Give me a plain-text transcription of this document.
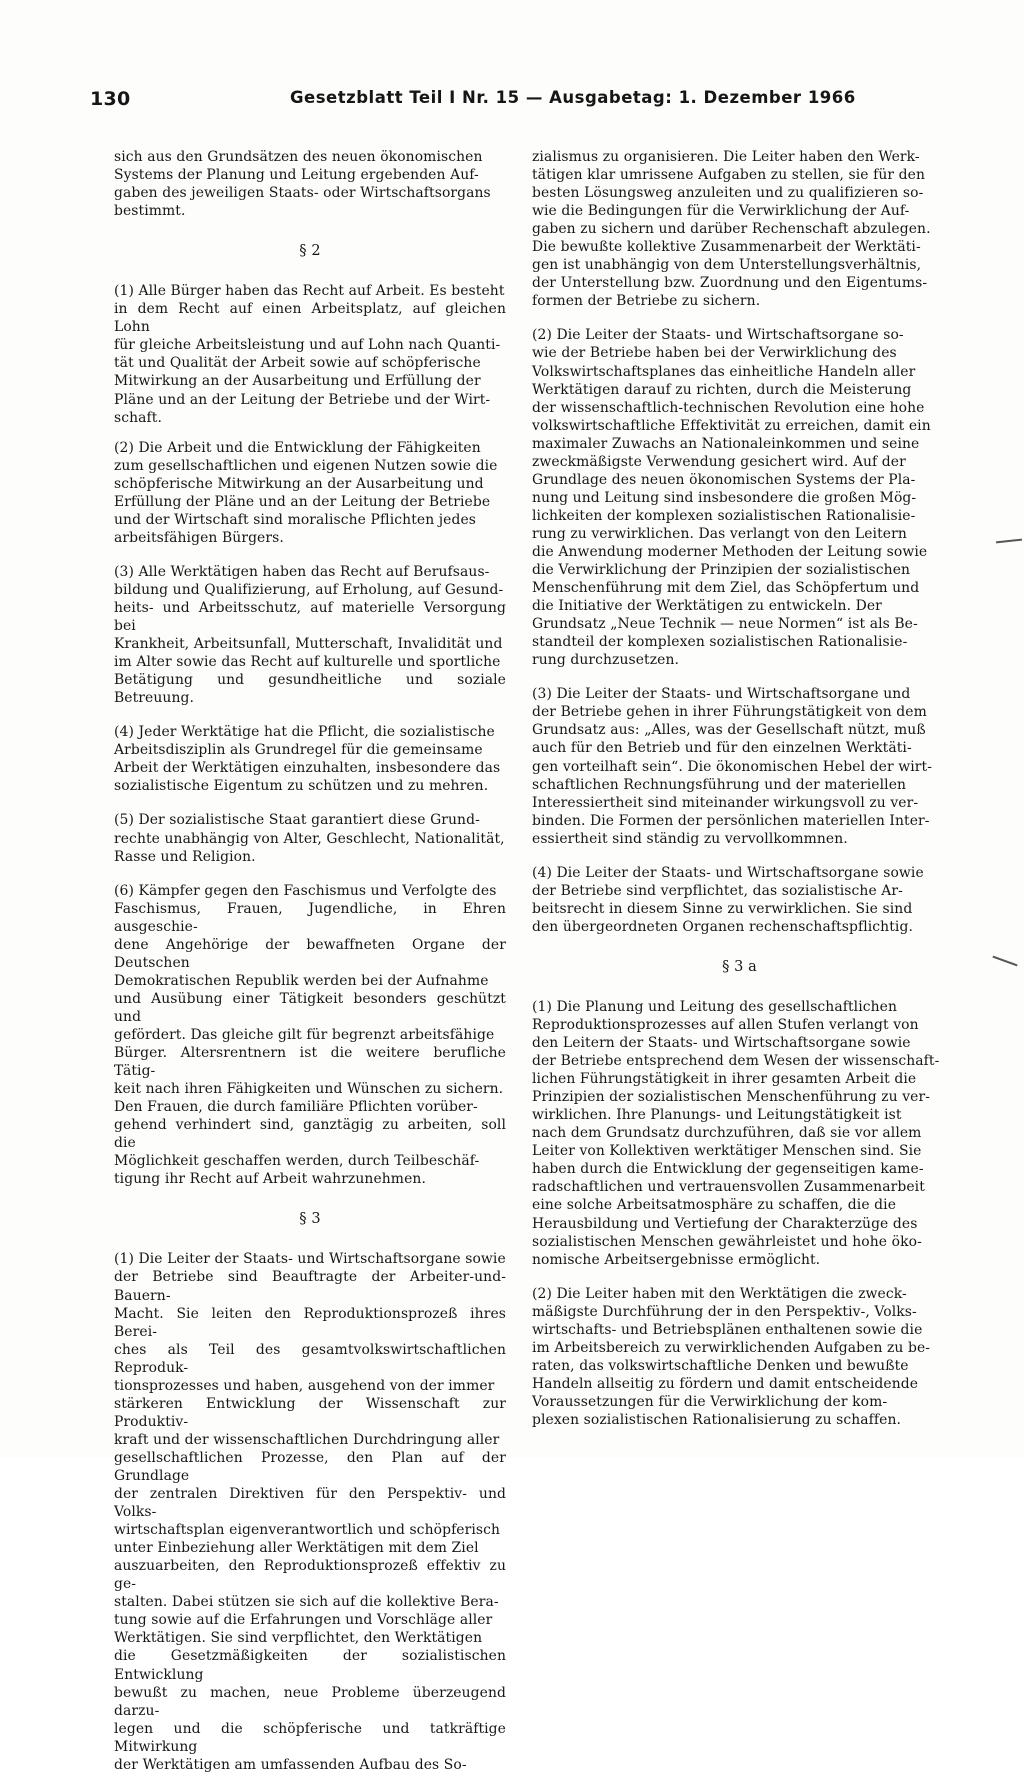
130	Gesetzblatt Teil I Nr. 15 — Ausgabetag: 1. Dezember 1966

sich aus den Grundsätzen des neuen ökonomischen
Systems der Planung und Leitung ergebenden Auf-
gaben des jeweiligen Staats- oder Wirtschaftsorgans
bestimmt.

§ 2

(1) Alle Bürger haben das Recht auf Arbeit. Es besteht
in dem Recht auf einen Arbeitsplatz, auf gleichen Lohn
für gleiche Arbeitsleistung und auf Lohn nach Quanti-
tät und Qualität der Arbeit sowie auf schöpferische
Mitwirkung an der Ausarbeitung und Erfüllung der
Pläne und an der Leitung der Betriebe und der Wirt-
schaft.

(2) Die Arbeit und die Entwicklung der Fähigkeiten
zum gesellschaftlichen und eigenen Nutzen sowie die
schöpferische Mitwirkung an der Ausarbeitung und
Erfüllung der Pläne und an der Leitung der Betriebe
und der Wirtschaft sind moralische Pflichten jedes
arbeitsfähigen Bürgers.

(3) Alle Werktätigen haben das Recht auf Berufsaus-
bildung und Qualifizierung, auf Erholung, auf Gesund-
heits- und Arbeitsschutz, auf materielle Versorgung bei
Krankheit, Arbeitsunfall, Mutterschaft, Invalidität und
im Alter sowie das Recht auf kulturelle und sportliche
Betätigung und gesundheitliche und soziale Betreuung.

(4) Jeder Werktätige hat die Pflicht, die sozialistische
Arbeitsdisziplin als Grundregel für die gemeinsame
Arbeit der Werktätigen einzuhalten, insbesondere das
sozialistische Eigentum zu schützen und zu mehren.

(5) Der sozialistische Staat garantiert diese Grund-
rechte unabhängig von Alter, Geschlecht, Nationalität,
Rasse und Religion.

(6) Kämpfer gegen den Faschismus und Verfolgte des
Faschismus, Frauen, Jugendliche, in Ehren ausgeschie-
dene Angehörige der bewaffneten Organe der Deutschen
Demokratischen Republik werden bei der Aufnahme
und Ausübung einer Tätigkeit besonders geschützt und
gefördert. Das gleiche gilt für begrenzt arbeitsfähige
Bürger. Altersrentnern ist die weitere berufliche Tätig-
keit nach ihren Fähigkeiten und Wünschen zu sichern.
Den Frauen, die durch familiäre Pflichten vorüber-
gehend verhindert sind, ganztägig zu arbeiten, soll die
Möglichkeit geschaffen werden, durch Teilbeschäf-
tigung ihr Recht auf Arbeit wahrzunehmen.

§ 3

(1) Die Leiter der Staats- und Wirtschaftsorgane sowie
der Betriebe sind Beauftragte der Arbeiter-und-Bauern-
Macht. Sie leiten den Reproduktionsprozeß ihres Berei-
ches als Teil des gesamtvolkswirtschaftlichen Reproduk-
tionsprozesses und haben, ausgehend von der immer
stärkeren Entwicklung der Wissenschaft zur Produktiv-
kraft und der wissenschaftlichen Durchdringung aller
gesellschaftlichen Prozesse, den Plan auf der Grundlage
der zentralen Direktiven für den Perspektiv- und Volks-
wirtschaftsplan eigenverantwortlich und schöpferisch
unter Einbeziehung aller Werktätigen mit dem Ziel
auszuarbeiten, den Reproduktionsprozeß effektiv zu ge-
stalten. Dabei stützen sie sich auf die kollektive Bera-
tung sowie auf die Erfahrungen und Vorschläge aller
Werktätigen. Sie sind verpflichtet, den Werktätigen
die Gesetzmäßigkeiten der sozialistischen Entwicklung
bewußt zu machen, neue Probleme überzeugend darzu-
legen und die schöpferische und tatkräftige Mitwirkung
der Werktätigen am umfassenden Aufbau des So-

zialismus zu organisieren. Die Leiter haben den Werk-
tätigen klar umrissene Aufgaben zu stellen, sie für den
besten Lösungsweg anzuleiten und zu qualifizieren so-
wie die Bedingungen für die Verwirklichung der Auf-
gaben zu sichern und darüber Rechenschaft abzulegen.
Die bewußte kollektive Zusammenarbeit der Werktäti-
gen ist unabhängig von dem Unterstellungsverhältnis,
der Unterstellung bzw. Zuordnung und den Eigentums-
formen der Betriebe zu sichern.

(2) Die Leiter der Staats- und Wirtschaftsorgane so-
wie der Betriebe haben bei der Verwirklichung des
Volkswirtschaftsplanes das einheitliche Handeln aller
Werktätigen darauf zu richten, durch die Meisterung
der wissenschaftlich-technischen Revolution eine hohe
volkswirtschaftliche Effektivität zu erreichen, damit ein
maximaler Zuwachs an Nationaleinkommen und seine
zweckmäßigste Verwendung gesichert wird. Auf der
Grundlage des neuen ökonomischen Systems der Pla-
nung und Leitung sind insbesondere die großen Mög-
lichkeiten der komplexen sozialistischen Rationalisie-
rung zu verwirklichen. Das verlangt von den Leitern
die Anwendung moderner Methoden der Leitung sowie
die Verwirklichung der Prinzipien der sozialistischen
Menschenführung mit dem Ziel, das Schöpfertum und
die Initiative der Werktätigen zu entwickeln. Der
Grundsatz „Neue Technik — neue Normen“ ist als Be-
standteil der komplexen sozialistischen Rationalisie-
rung durchzusetzen.

(3) Die Leiter der Staats- und Wirtschaftsorgane und
der Betriebe gehen in ihrer Führungstätigkeit von dem
Grundsatz aus: „Alles, was der Gesellschaft nützt, muß
auch für den Betrieb und für den einzelnen Werktäti-
gen vorteilhaft sein“. Die ökonomischen Hebel der wirt-
schaftlichen Rechnungsführung und der materiellen
Interessiertheit sind miteinander wirkungsvoll zu ver-
binden. Die Formen der persönlichen materiellen Inter-
essiertheit sind ständig zu vervollkommnen.

(4) Die Leiter der Staats- und Wirtschaftsorgane sowie
der Betriebe sind verpflichtet, das sozialistische Ar-
beitsrecht in diesem Sinne zu verwirklichen. Sie sind
den übergeordneten Organen rechenschaftspflichtig.

§ 3 a

(1) Die Planung und Leitung des gesellschaftlichen
Reproduktionsprozesses auf allen Stufen verlangt von
den Leitern der Staats- und Wirtschaftsorgane sowie
der Betriebe entsprechend dem Wesen der wissenschaft-
lichen Führungstätigkeit in ihrer gesamten Arbeit die
Prinzipien der sozialistischen Menschenführung zu ver-
wirklichen. Ihre Planungs- und Leitungstätigkeit ist
nach dem Grundsatz durchzuführen, daß sie vor allem
Leiter von Kollektiven werktätiger Menschen sind. Sie
haben durch die Entwicklung der gegenseitigen kame-
radschaftlichen und vertrauensvollen Zusammenarbeit
eine solche Arbeitsatmosphäre zu schaffen, die die
Herausbildung und Vertiefung der Charakterzüge des
sozialistischen Menschen gewährleistet und hohe öko-
nomische Arbeitsergebnisse ermöglicht.

(2) Die Leiter haben mit den Werktätigen die zweck-
mäßigste Durchführung der in den Perspektiv-, Volks-
wirtschafts- und Betriebsplänen enthaltenen sowie die
im Arbeitsbereich zu verwirklichenden Aufgaben zu be-
raten, das volkswirtschaftliche Denken und bewußte
Handeln allseitig zu fördern und damit entscheidende
Voraussetzungen für die Verwirklichung der kom-
plexen sozialistischen Rationalisierung zu schaffen.
